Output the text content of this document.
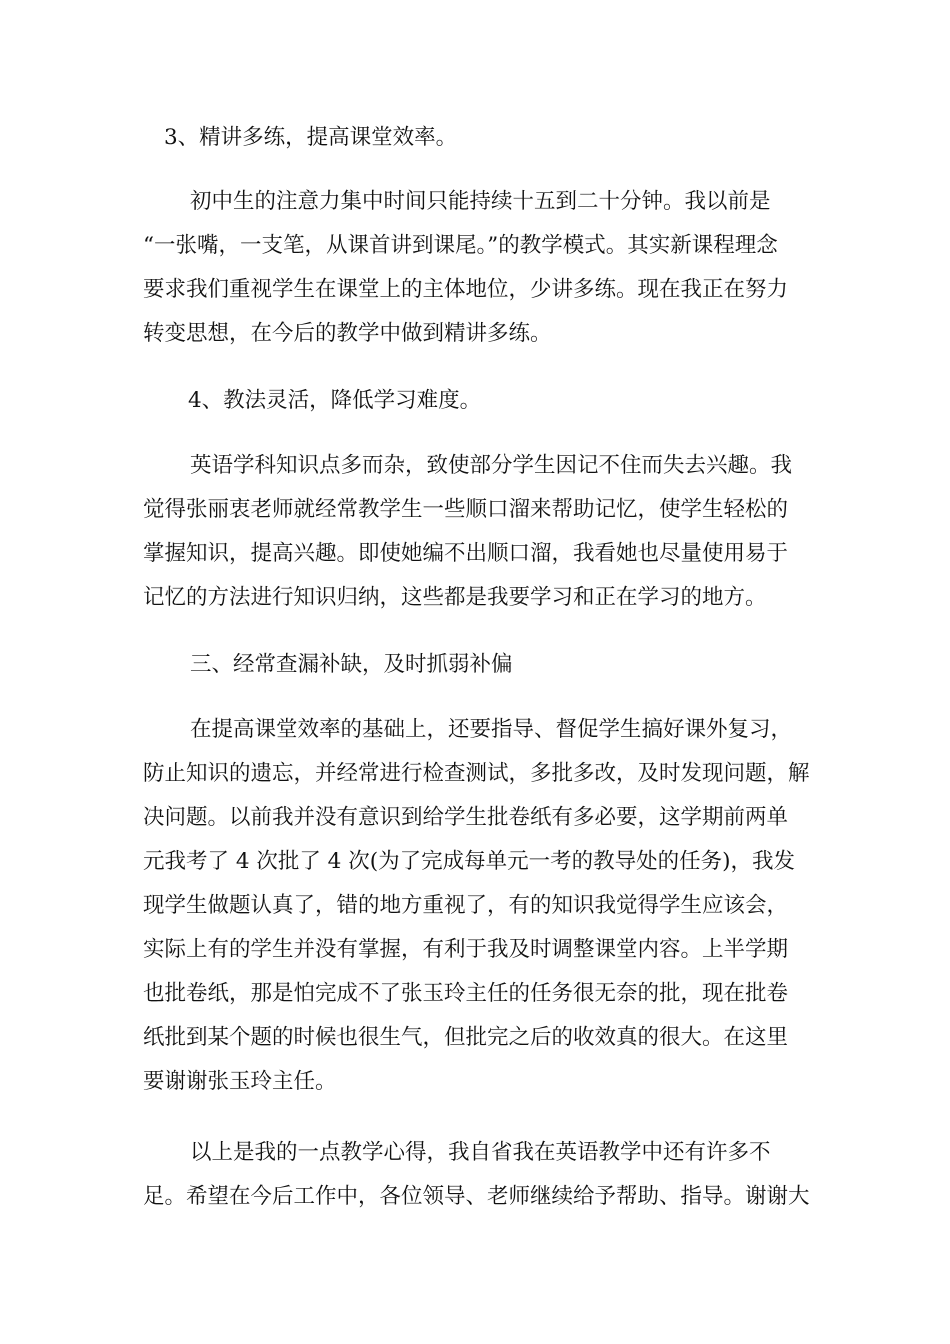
3、精讲多练，提高课堂效率。
初中生的注意力集中时间只能持续十五到二十分钟。我以前是
“一张嘴，一支笔，从课首讲到课尾。”的教学模式。其实新课程理念
要求我们重视学生在课堂上的主体地位，少讲多练。现在我正在努力
转变思想，在今后的教学中做到精讲多练。
4、教法灵活，降低学习难度。
英语学科知识点多而杂，致使部分学生因记不住而失去兴趣。我
觉得张丽衷老师就经常教学生一些顺口溜来帮助记忆，使学生轻松的
掌握知识，提高兴趣。即使她编不出顺口溜，我看她也尽量使用易于
记忆的方法进行知识归纳，这些都是我要学习和正在学习的地方。
三、经常查漏补缺，及时抓弱补偏
在提高课堂效率的基础上，还要指导、督促学生搞好课外复习，
防止知识的遗忘，并经常进行检查测试，多批多改，及时发现问题，解
决问题。以前我并没有意识到给学生批卷纸有多必要，这学期前两单
元我考了 4 次批了 4 次(为了完成每单元一考的教导处的任务)，我发
现学生做题认真了，错的地方重视了，有的知识我觉得学生应该会，
实际上有的学生并没有掌握，有利于我及时调整课堂内容。上半学期
也批卷纸，那是怕完成不了张玉玲主任的任务很无奈的批，现在批卷
纸批到某个题的时候也很生气，但批完之后的收效真的很大。在这里
要谢谢张玉玲主任。
以上是我的一点教学心得，我自省我在英语教学中还有许多不
足。希望在今后工作中，各位领导、老师继续给予帮助、指导。谢谢大
